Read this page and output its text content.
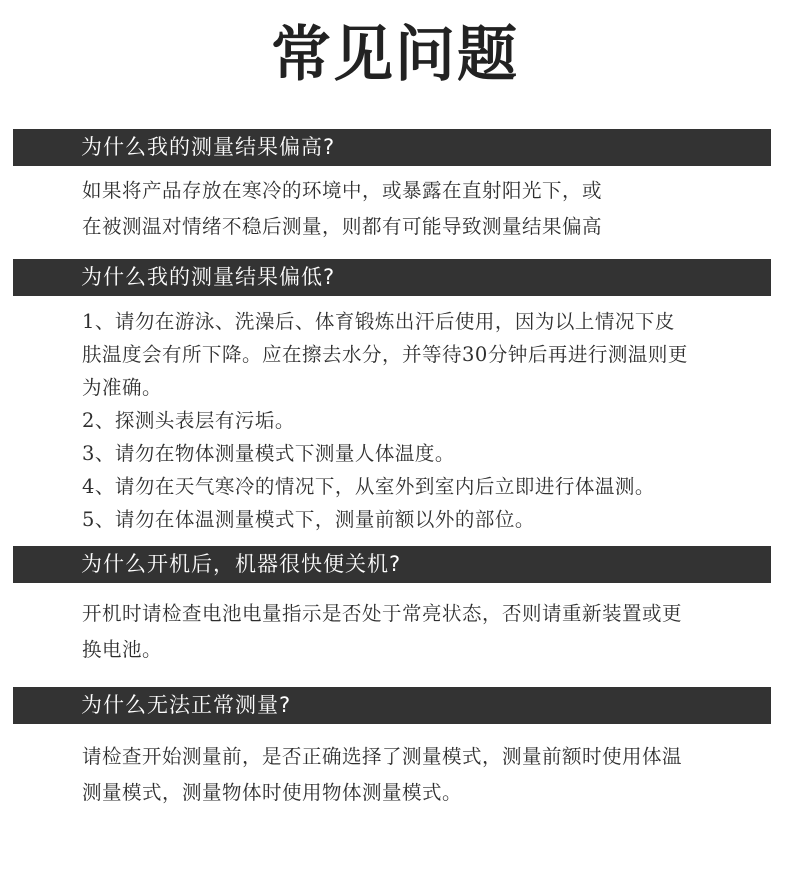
常见问题
为什么我的测量结果偏高?
如果将产品存放在寒冷的环境中，或暴露在直射阳光下，或
在被测温对情绪不稳后测量，则都有可能导致测量结果偏高
为什么我的测量结果偏低?
1、请勿在游泳、洗澡后、体育锻炼出汗后使用，因为以上情况下皮
肤温度会有所下降。应在擦去水分，并等待30分钟后再进行测温则更
为准确。
2、探测头表层有污垢。
3、请勿在物体测量模式下测量人体温度。
4、请勿在天气寒冷的情况下，从室外到室内后立即进行体温测。
5、请勿在体温测量模式下，测量前额以外的部位。
为什么开机后，机器很快便关机?
开机时请检查电池电量指示是否处于常亮状态，否则请重新装置或更
换电池。
为什么无法正常测量?
请检查开始测量前，是否正确选择了测量模式，测量前额时使用体温
测量模式，测量物体时使用物体测量模式。
